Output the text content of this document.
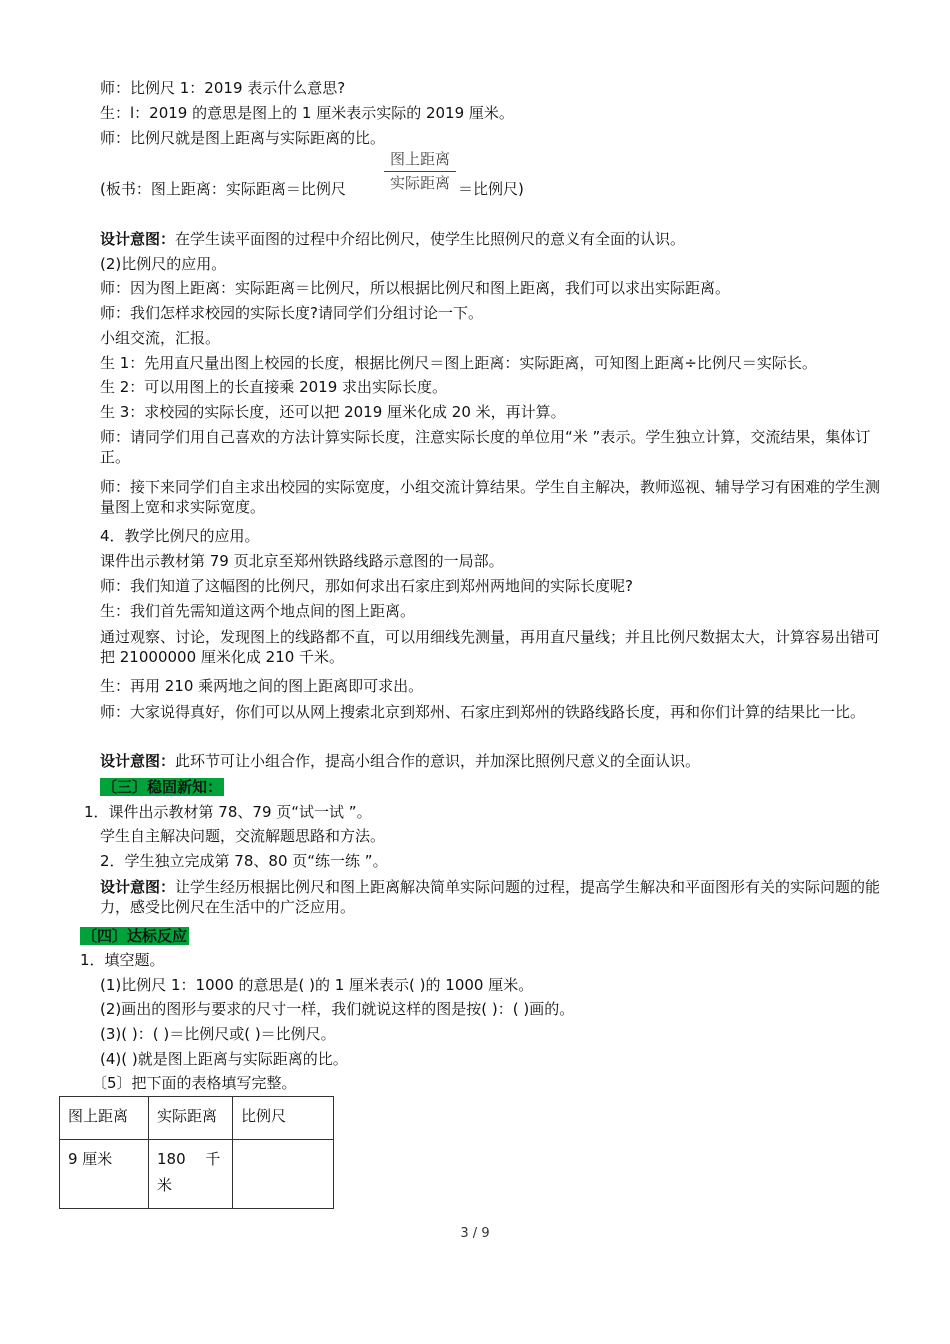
师：比例尺 1：2019 表示什么意思?
生：l：2019 的意思是图上的 1 厘米表示实际的 2019 厘米。
师：比例尺就是图上距离与实际距离的比。
图上距离
实际距离
(板书：图上距离：实际距离＝比例尺	＝比例尺)
设计意图：在学生读平面图的过程中介绍比例尺，使学生比照例尺的意义有全面的认识。
(2)比例尺的应用。
师：因为图上距离：实际距离＝比例尺，所以根据比例尺和图上距离，我们可以求出实际距离。
师：我们怎样求校园的实际长度?请同学们分组讨论一下。
小组交流，汇报。
生 1：先用直尺量出图上校园的长度，根据比例尺＝图上距离：实际距离，可知图上距离÷比例尺＝实际长。
生 2：可以用图上的长直接乘 2019 求出实际长度。
生 3：求校园的实际长度，还可以把 2019 厘米化成 20 米，再计算。
师：请同学们用自己喜欢的方法计算实际长度，注意实际长度的单位用“米 ”表示。学生独立计算，交流结果，集体订正。
师：接下来同学们自主求出校园的实际宽度，小组交流计算结果。学生自主解决，教师巡视、辅导学习有困难的学生测量图上宽和求实际宽度。
4．教学比例尺的应用。
课件出示教材第 79 页北京至郑州铁路线路示意图的一局部。
师：我们知道了这幅图的比例尺，那如何求出石家庄到郑州两地间的实际长度呢?
生：我们首先需知道这两个地点间的图上距离。
通过观察、讨论，发现图上的线路都不直，可以用细线先测量，再用直尺量线；并且比例尺数据太大，计算容易出错可把 21000000 厘米化成 210 千米。
生：再用 210 乘两地之间的图上距离即可求出。
师：大家说得真好，你们可以从网上搜索北京到郑州、石家庄到郑州的铁路线路长度，再和你们计算的结果比一比。
设计意图：此环节可让小组合作，提高小组合作的意识，并加深比照例尺意义的全面认识。
〔三〕稳固新知：
1．课件出示教材第 78、79 页“试一试 ”。
学生自主解决问题，交流解题思路和方法。
2．学生独立完成第 78、80 页“练一练 ”。
设计意图：让学生经历根据比例尺和图上距离解决简单实际问题的过程，提高学生解决和平面图形有关的实际问题的能力，感受比例尺在生活中的广泛应用。
〔四〕达标反应
1．填空题。
(1)比例尺 1：1000 的意思是( )的 1 厘米表示( )的 1000 厘米。
(2)画出的图形与要求的尺寸一样，我们就说这样的图是按( )：( )画的。
(3)( )：( )＝比例尺或( )＝比例尺。
(4)( )就是图上距离与实际距离的比。
〔5〕把下面的表格填写完整。
图上距离	实际距离	比例尺
9 厘米	180　 千米	
3 / 9
